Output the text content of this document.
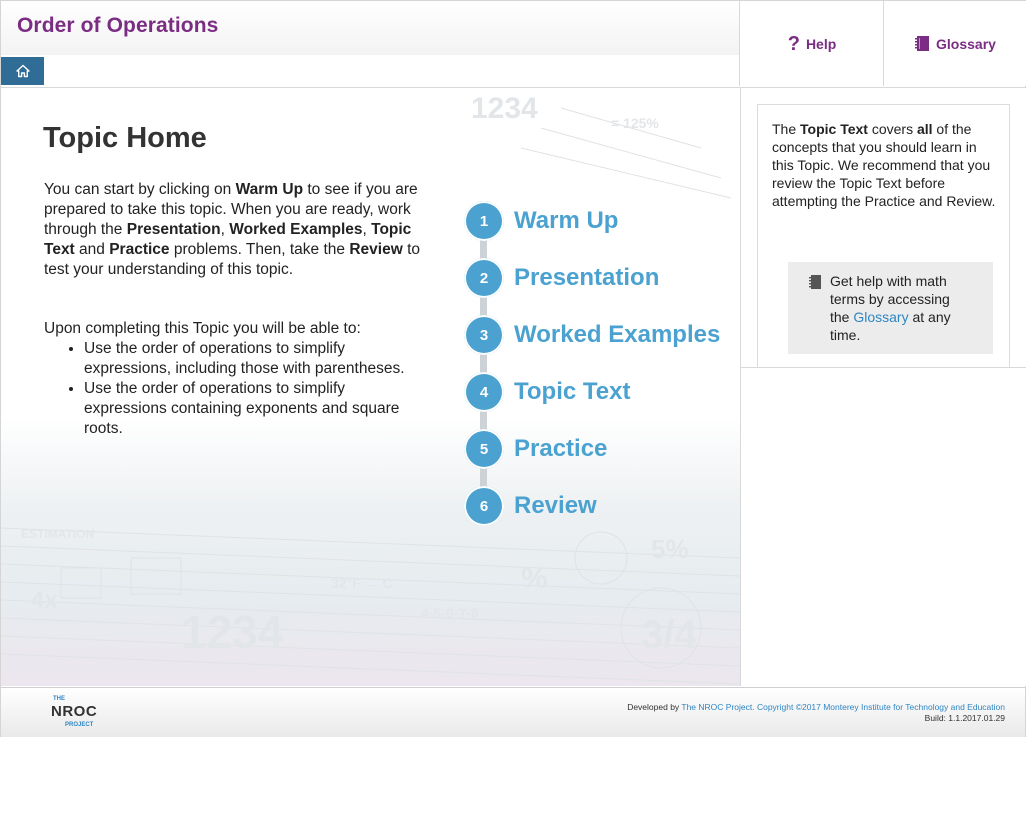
Order of Operations
? Help	Glossary
1234
1234
5%
3/4
%
= 125%
ESTIMATION
4x
32°F → C
4-5-6-7-8
Topic Home
You can start by clicking on Warm Up to see if you are prepared to take this topic. When you are ready, work through the Presentation, Worked Examples, Topic Text and Practice problems. Then, take the Review to test your understanding of this topic.
Upon completing this Topic you will be able to:
• Use the order of operations to simplify expressions, including those with parentheses.
• Use the order of operations to simplify expressions containing exponents and square roots.
1	Warm Up
2	Presentation
3	Worked Examples
4	Topic Text
5	Practice
6	Review
The Topic Text covers all of the concepts that you should learn in this Topic. We recommend that you review the Topic Text before attempting the Practice and Review.
Get help with math terms by accessing the Glossary at any time.
THE
NROC
PROJECT
Developed by The NROC Project. Copyright ©2017 Monterey Institute for Technology and Education
Build: 1.1.2017.01.29
